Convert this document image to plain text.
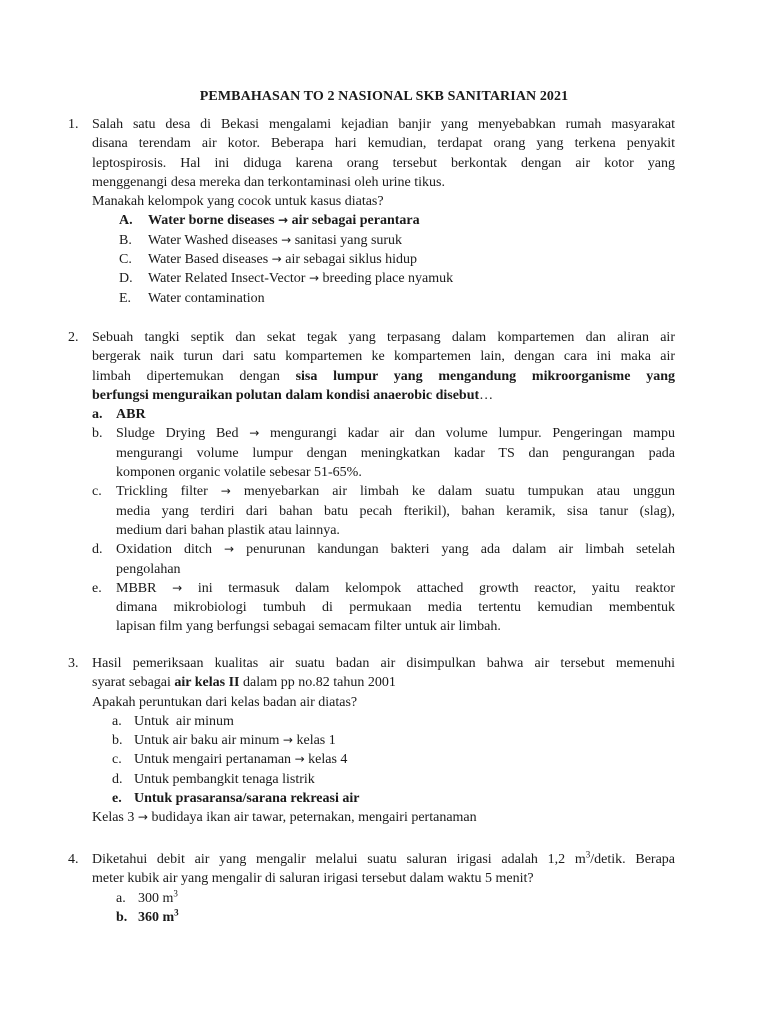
PEMBAHASAN TO 2 NASIONAL SKB SANITARIAN 2021
1. Salah satu desa di Bekasi mengalami kejadian banjir yang menyebabkan rumah masyarakat
disana terendam air kotor. Beberapa hari kemudian, terdapat orang yang terkena penyakit
leptospirosis. Hal ini diduga karena orang tersebut berkontak dengan air kotor yang
menggenangi desa mereka dan terkontaminasi oleh urine tikus.
Manakah kelompok yang cocok untuk kasus diatas?
A.	Water borne diseases → air sebagai perantara
B.	Water Washed diseases → sanitasi yang suruk
C.	Water Based diseases → air sebagai siklus hidup
D.	Water Related Insect-Vector → breeding place nyamuk
E.	Water contamination
2. Sebuah tangki septik dan sekat tegak yang terpasang dalam kompartemen dan aliran air
bergerak naik turun dari satu kompartemen ke kompartemen lain, dengan cara ini maka air
limbah dipertemukan dengan sisa lumpur yang mengandung mikroorganisme yang
berfungsi menguraikan polutan dalam kondisi anaerobic disebut…
a. ABR
b. Sludge Drying Bed → mengurangi kadar air dan volume lumpur. Pengeringan mampu
mengurangi volume lumpur dengan meningkatkan kadar TS dan pengurangan pada
komponen organic volatile sebesar 51-65%.
c. Trickling filter → menyebarkan air limbah ke dalam suatu tumpukan atau unggun
media yang terdiri dari bahan batu pecah fterikil), bahan keramik, sisa tanur (slag),
medium dari bahan plastik atau lainnya.
d. Oxidation ditch → penurunan kandungan bakteri yang ada dalam air limbah setelah
pengolahan
e. MBBR → ini termasuk dalam kelompok attached growth reactor, yaitu reaktor
dimana mikrobiologi tumbuh di permukaan media tertentu kemudian membentuk
lapisan film yang berfungsi sebagai semacam filter untuk air limbah.
3. Hasil pemeriksaan kualitas air suatu badan air disimpulkan bahwa air tersebut memenuhi
syarat sebagai air kelas II dalam pp no.82 tahun 2001
Apakah peruntukan dari kelas badan air diatas?
a. Untuk  air minum
b. Untuk air baku air minum → kelas 1
c. Untuk mengairi pertanaman → kelas 4
d. Untuk pembangkit tenaga listrik
e. Untuk prasaransa/sarana rekreasi air
Kelas 3 → budidaya ikan air tawar, peternakan, mengairi pertanaman
4. Diketahui debit air yang mengalir melalui suatu saluran irigasi adalah 1,2 $m^3$/detik. Berapa
meter kubik air yang mengalir di saluran irigasi tersebut dalam waktu 5 menit?
a. 300 $m^3$
b. 360 $m^3$
